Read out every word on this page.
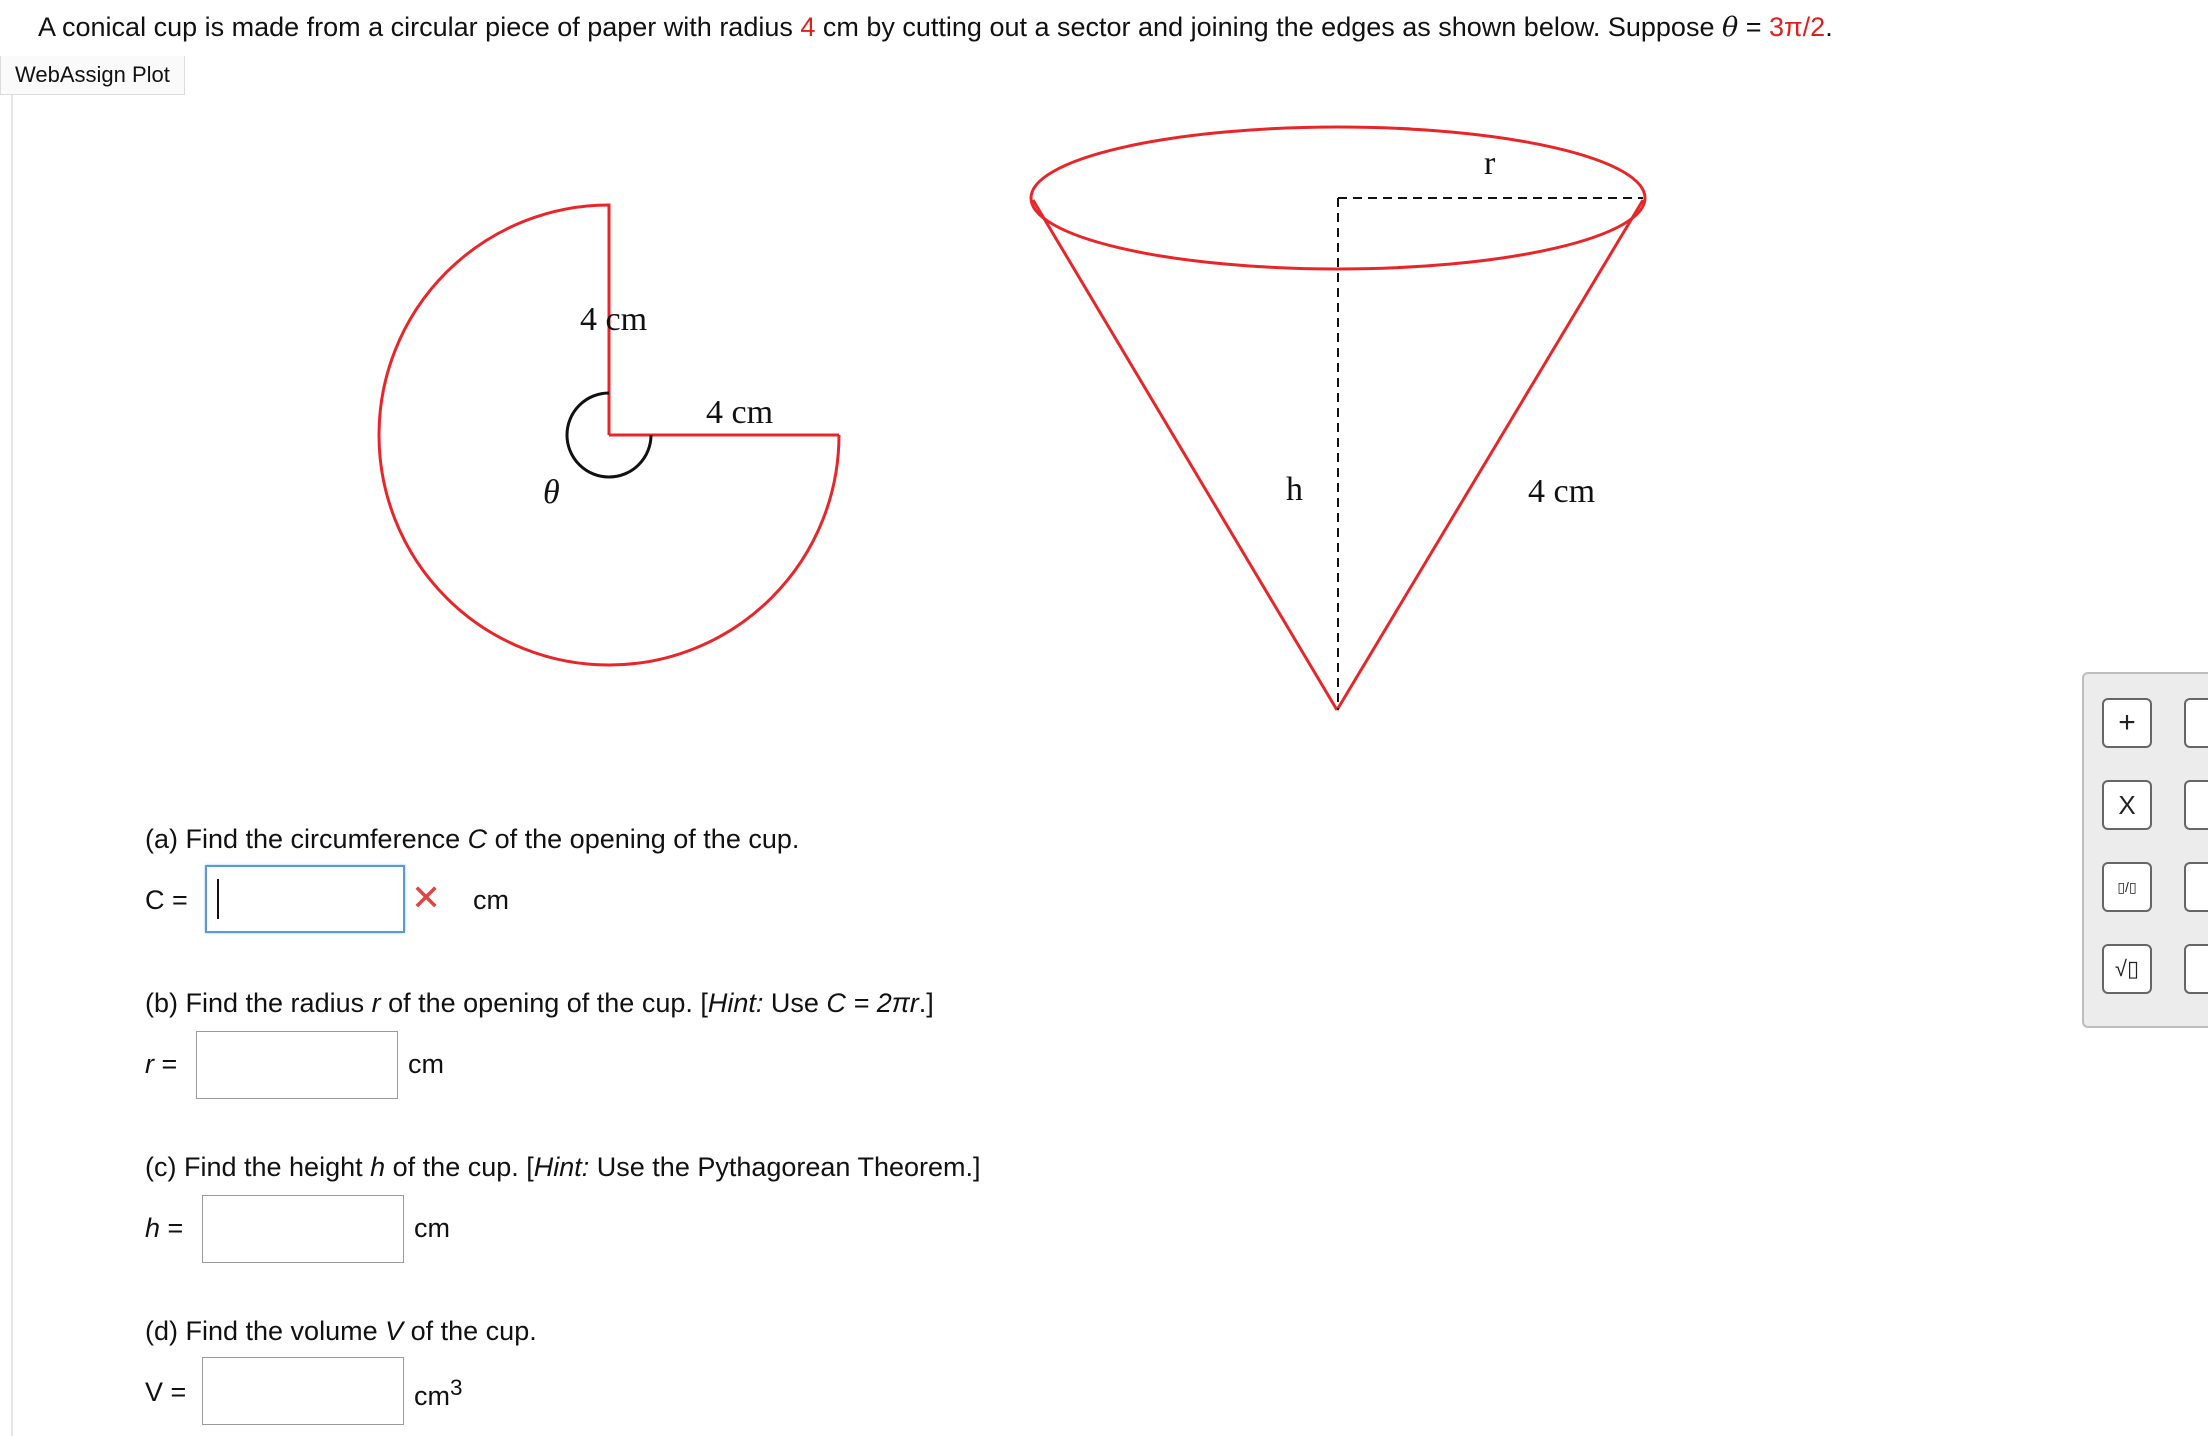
A conical cup is made from a circular piece of paper with radius 4 cm by cutting out a sector and joining the edges as shown below. Suppose θ = 3π/2.
WebAssign Plot
4 cm
4 cm
θ
r
h	4 cm
(a) Find the circumference C of the opening of the cup.
C =	✕ cm
(b) Find the radius r of the opening of the cup. [Hint: Use C = 2πr.]
r =	cm
(c) Find the height h of the cup. [Hint: Use the Pythagorean Theorem.]
h =	cm
(d) Find the volume V of the cup.
V =	$cm^3$
+
X
▯/▯
√▯
